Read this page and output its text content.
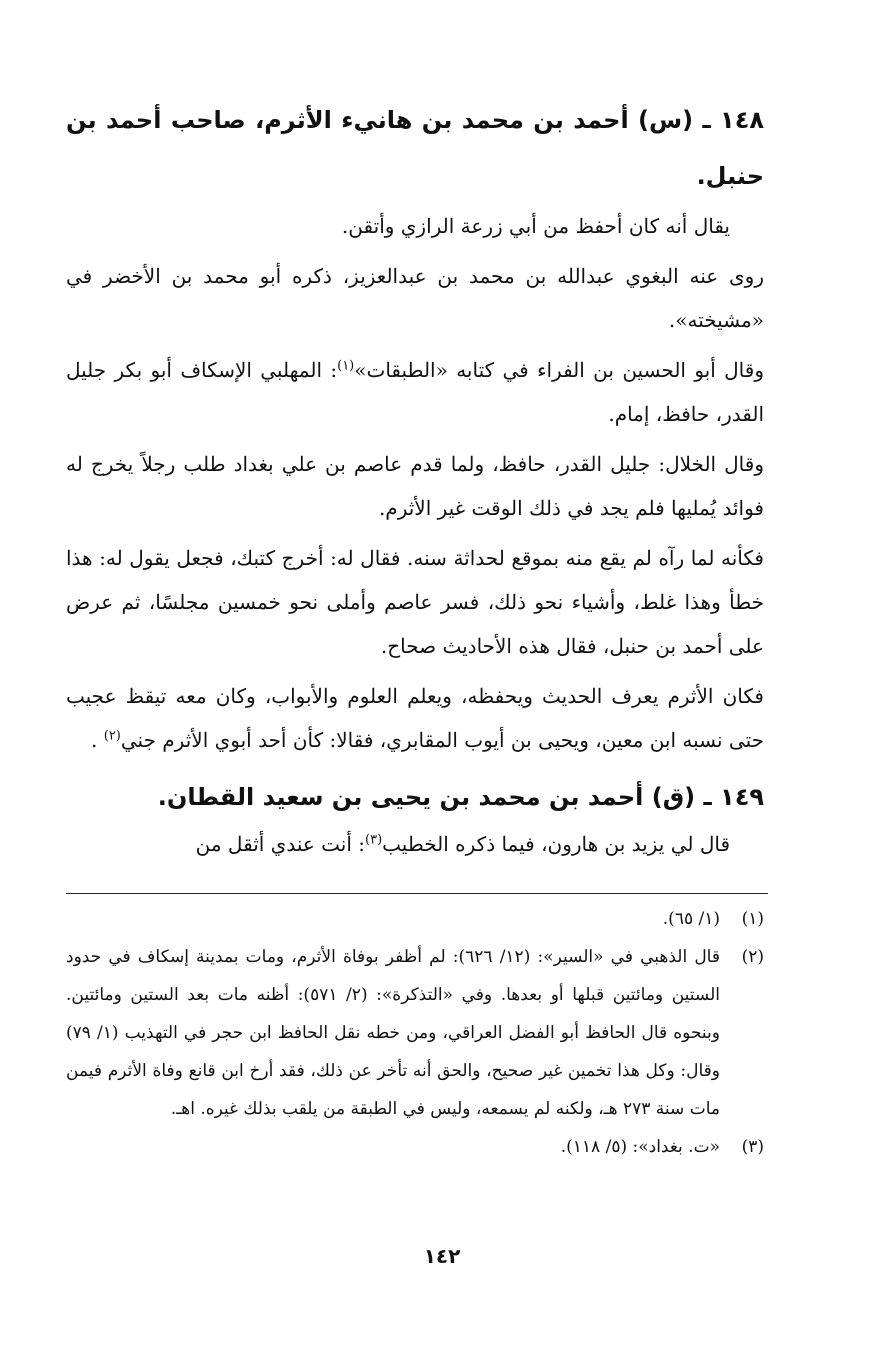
١٤٨ ـ (س) أحمد بن محمد بن هانيء الأثرم، صاحب أحمد بن حنبل.

يقال أنه كان أحفظ من أبي زرعة الرازي وأتقن.

روى عنه البغوي عبدالله بن محمد بن عبدالعزيز، ذكره أبو محمد بن الأخضر في «مشيخته».

وقال أبو الحسين بن الفراء في كتابه «الطبقات»$^{(١)}$: المهلبي الإسكاف أبو بكر جليل القدر، حافظ، إمام.

وقال الخلال: جليل القدر، حافظ، ولما قدم عاصم بن علي بغداد طلب رجلاً يخرج له فوائد يُمليها فلم يجد في ذلك الوقت غير الأثرم.

فكأنه لما رآه لم يقع منه بموقع لحداثة سنه. فقال له: أخرج كتبك، فجعل يقول له: هذا خطأ وهذا غلط، وأشياء نحو ذلك، فسر عاصم وأملى نحو خمسين مجلسًا، ثم عرض على أحمد بن حنبل، فقال هذه الأحاديث صحاح.

فكان الأثرم يعرف الحديث ويحفظه، ويعلم العلوم والأبواب، وكان معه تيقظ عجيب حتى نسبه ابن معين، ويحيى بن أيوب المقابري، فقالا: كأن أحد أبوي الأثرم جني$^{(٢)}$ .

١٤٩ ـ (ق) أحمد بن محمد بن يحيى بن سعيد القطان.

قال لي يزيد بن هارون، فيما ذكره الخطيب$^{(٣)}$: أنت عندي أثقل من

(١)
(١/ ٦٥).
(٢)
قال الذهبي في «السير»: (١٢/ ٦٢٦): لم أظفر بوفاة الأثرم، ومات بمدينة إسكاف في حدود الستين ومائتين قبلها أو بعدها. وفي «التذكرة»: (٢/ ٥٧١): أظنه مات بعد الستين ومائتين. وبنحوه قال الحافظ أبو الفضل العراقي، ومن خطه نقل الحافظ ابن حجر في التهذيب (١/ ٧٩) وقال: وكل هذا تخمين غير صحيح، والحق أنه تأخر عن ذلك، فقد أرخ ابن قانع وفاة الأثرم فيمن مات سنة ٢٧٣ هـ، ولكنه لم يسمعه، وليس في الطبقة من يلقب بذلك غيره. اهـ.
(٣)
«ت. بغداد»: (٥/ ١١٨).
١٤٢
